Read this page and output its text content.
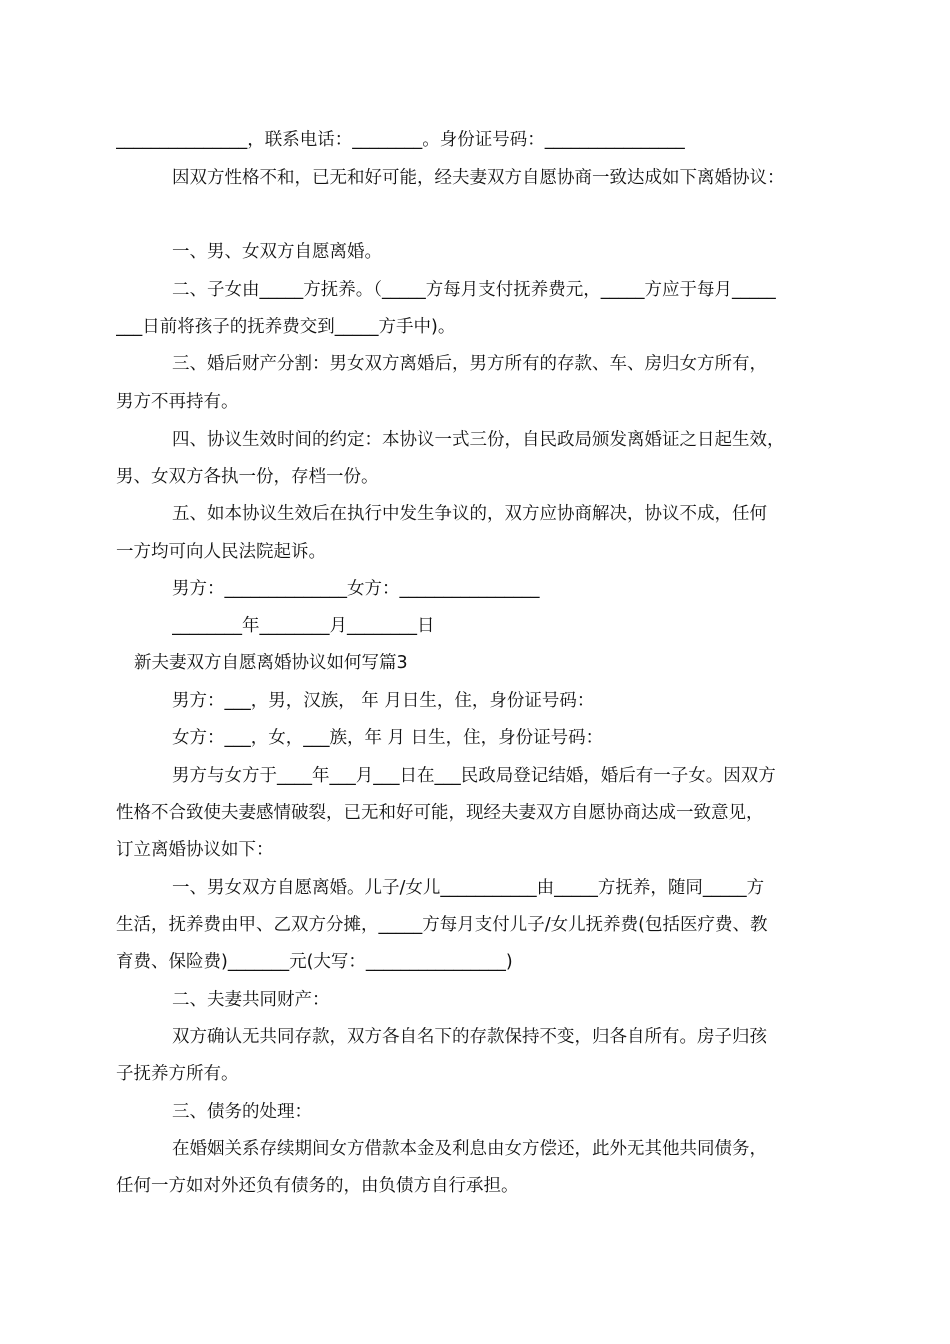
_______________，联系电话：________。身份证号码：________________
因双方性格不和，已无和好可能，经夫妻双方自愿协商一致达成如下离婚协议：
一、男、女双方自愿离婚。
二、子女由_____方抚养。（_____方每月支付抚养费元，_____方应于每月_____
___日前将孩子的抚养费交到_____方手中)。
三、婚后财产分割：男女双方离婚后，男方所有的存款、车、房归女方所有，
男方不再持有。
四、协议生效时间的约定：本协议一式三份，自民政局颁发离婚证之日起生效，
男、女双方各执一份，存档一份。
五、如本协议生效后在执行中发生争议的，双方应协商解决，协议不成，任何
一方均可向人民法院起诉。
男方：______________女方：________________
________年________月________日
新夫妻双方自愿离婚协议如何写篇3
男方：___，男，汉族， 年 月日生，住，身份证号码：
女方：___，女，___族，年 月 日生，住，身份证号码：
男方与女方于____年___月___日在___民政局登记结婚，婚后有一子女。因双方
性格不合致使夫妻感情破裂，已无和好可能，现经夫妻双方自愿协商达成一致意见，
订立离婚协议如下：
一、男女双方自愿离婚。儿子/女儿___________由_____方抚养，随同_____方
生活，抚养费由甲、乙双方分摊，_____方每月支付儿子/女儿抚养费(包括医疗费、教
育费、保险费)_______元(大写：________________)
二、夫妻共同财产：
双方确认无共同存款，双方各自名下的存款保持不变，归各自所有。房子归孩
子抚养方所有。
三、债务的处理：
在婚姻关系存续期间女方借款本金及利息由女方偿还，此外无其他共同债务，
任何一方如对外还负有债务的，由负债方自行承担。
